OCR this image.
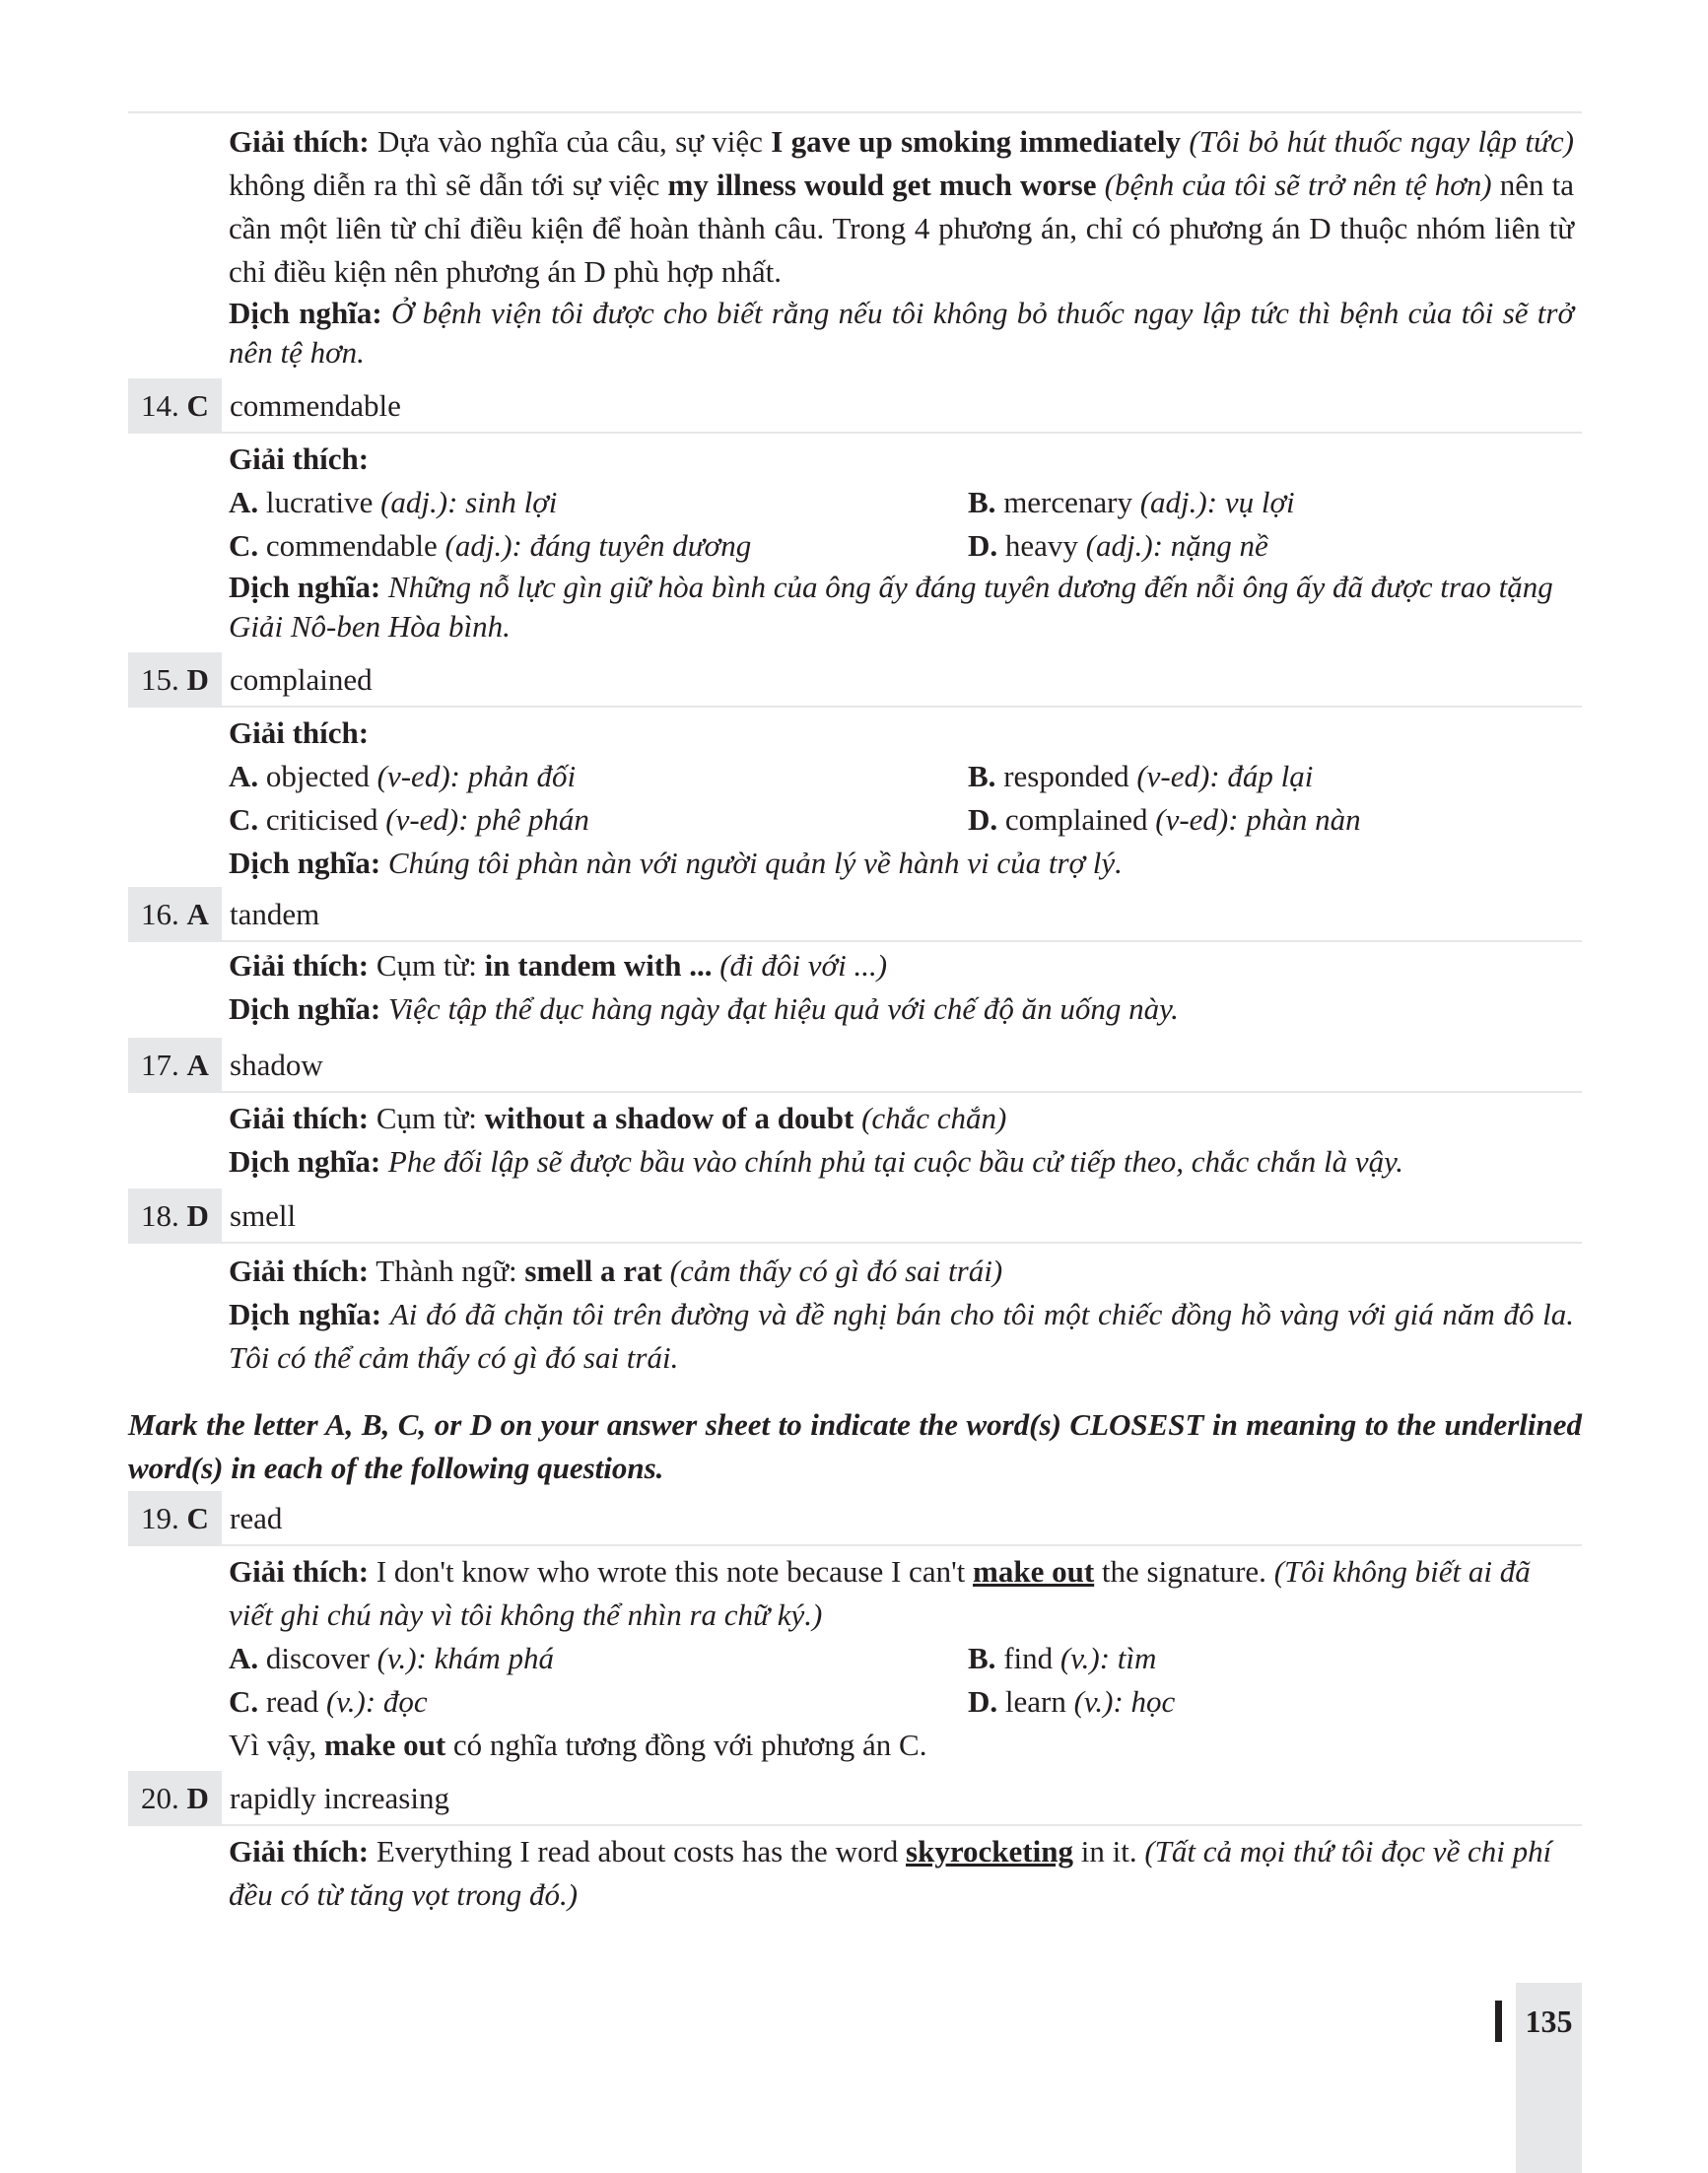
Giải thích: Dựa vào nghĩa của câu, sự việc I gave up smoking immediately (Tôi bỏ hút thuốc ngay lập tức) không diễn ra thì sẽ dẫn tới sự việc my illness would get much worse (bệnh của tôi sẽ trở nên tệ hơn) nên ta cần một liên từ chỉ điều kiện để hoàn thành câu. Trong 4 phương án, chỉ có phương án D thuộc nhóm liên từ chỉ điều kiện nên phương án D phù hợp nhất.

Dịch nghĩa: Ở bệnh viện tôi được cho biết rằng nếu tôi không bỏ thuốc ngay lập tức thì bệnh của tôi sẽ trở nên tệ hơn.

14. C commendable

Giải thích:

A. lucrative (adj.): sinh lợi	B. mercenary (adj.): vụ lợi
C. commendable (adj.): đáng tuyên dương	D. heavy (adj.): nặng nề

Dịch nghĩa: Những nỗ lực gìn giữ hòa bình của ông ấy đáng tuyên dương đến nỗi ông ấy đã được trao tặng Giải Nô-ben Hòa bình.

15. D complained

Giải thích:

A. objected (v-ed): phản đối	B. responded (v-ed): đáp lại
C. criticised (v-ed): phê phán	D. complained (v-ed): phàn nàn

Dịch nghĩa: Chúng tôi phàn nàn với người quản lý về hành vi của trợ lý.

16. A tandem

Giải thích: Cụm từ: in tandem with ... (đi đôi với ...)

Dịch nghĩa: Việc tập thể dục hàng ngày đạt hiệu quả với chế độ ăn uống này.

17. A shadow

Giải thích: Cụm từ: without a shadow of a doubt (chắc chắn)

Dịch nghĩa: Phe đối lập sẽ được bầu vào chính phủ tại cuộc bầu cử tiếp theo, chắc chắn là vậy.

18. D smell

Giải thích: Thành ngữ: smell a rat (cảm thấy có gì đó sai trái)

Dịch nghĩa: Ai đó đã chặn tôi trên đường và đề nghị bán cho tôi một chiếc đồng hồ vàng với giá năm đô la. Tôi có thể cảm thấy có gì đó sai trái.

Mark the letter A, B, C, or D on your answer sheet to indicate the word(s) CLOSEST in meaning to the underlined word(s) in each of the following questions.
19. C read

Giải thích: I don't know who wrote this note because I can't make out the signature. (Tôi không biết ai đã viết ghi chú này vì tôi không thể nhìn ra chữ ký.)

A. discover (v.): khám phá	B. find (v.): tìm
C. read (v.): đọc	D. learn (v.): học

Vì vậy, make out có nghĩa tương đồng với phương án C.

20. D rapidly increasing

Giải thích: Everything I read about costs has the word skyrocketing in it. (Tất cả mọi thứ tôi đọc về chi phí đều có từ tăng vọt trong đó.)

135
